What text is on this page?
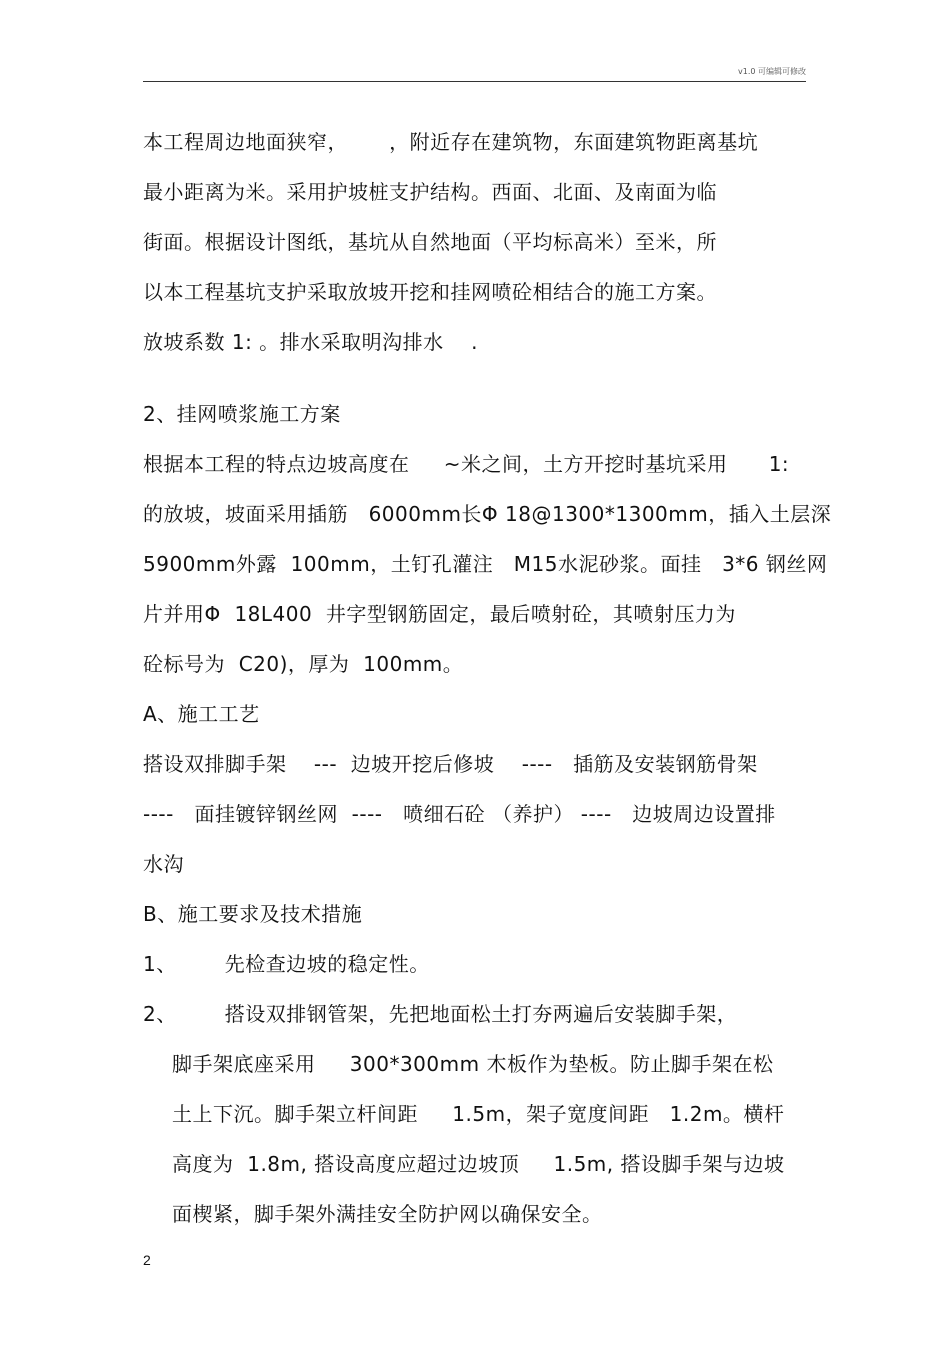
v1.0 可编辑可修改
本工程周边地面狭窄，      ，附近存在建筑物，东面建筑物距离基坑
最小距离为米。采用护坡桩支护结构。西面、北面、及南面为临
街面。根据设计图纸，基坑从自然地面（平均标高米）至米，所
以本工程基坑支护采取放坡开挖和挂网喷砼相结合的施工方案。
放坡系数 1: 。排水采取明沟排水    .
2、挂网喷浆施工方案
根据本工程的特点边坡高度在     ~米之间，土方开挖时基坑采用      1:
的放坡，坡面采用插筋   6000mm长Φ 18@1300*1300mm，插入土层深
5900mm外露  100mm，土钉孔灌注   M15水泥砂浆。面挂   3*6 钢丝网
片并用Φ  18L400  井字型钢筋固定，最后喷射砼，其喷射压力为
砼标号为  C20)，厚为  100mm。
A、施工工艺
搭设双排脚手架    ---  边坡开挖后修坡    ----   插筋及安装钢筋骨架
----   面挂镀锌钢丝网  ----   喷细石砼 （养护） ----   边坡周边设置排
水沟
B、施工要求及技术措施
1、       先检查边坡的稳定性。
2、       搭设双排钢管架，先把地面松土打夯两遍后安装脚手架，
脚手架底座采用     300*300mm 木板作为垫板。防止脚手架在松
土上下沉。脚手架立杆间距     1.5m，架子宽度间距   1.2m。横杆
高度为  1.8m, 搭设高度应超过边坡顶     1.5m, 搭设脚手架与边坡
面楔紧，脚手架外满挂安全防护网以确保安全。
2
